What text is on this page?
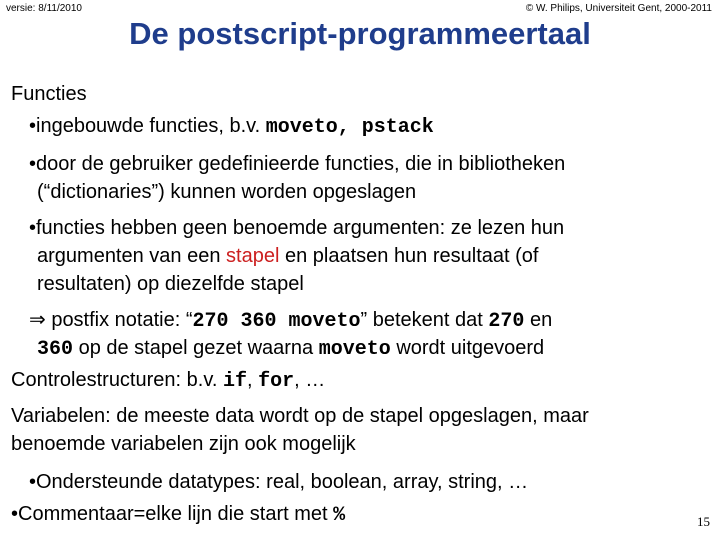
versie: 8/11/2010	© W. Philips, Universiteit Gent, 2000-2011
De postscript-programmeertaal
Functies
•ingebouwde functies, b.v. moveto, pstack
•door de gebruiker gedefinieerde functies, die in bibliotheken
(“dictionaries”) kunnen worden opgeslagen
•functies hebben geen benoemde argumenten: ze lezen hun
argumenten van een stapel en plaatsen hun resultaat (of
resultaten) op diezelfde stapel
⇒ postfix notatie: “270 360 moveto” betekent dat 270 en
360 op de stapel gezet waarna moveto wordt uitgevoerd
Controlestructuren: b.v. if, for, …
Variabelen: de meeste data wordt op de stapel opgeslagen, maar
benoemde variabelen zijn ook mogelijk
•Ondersteunde datatypes: real, boolean, array, string, …
•Commentaar=elke lijn die start met %	15
